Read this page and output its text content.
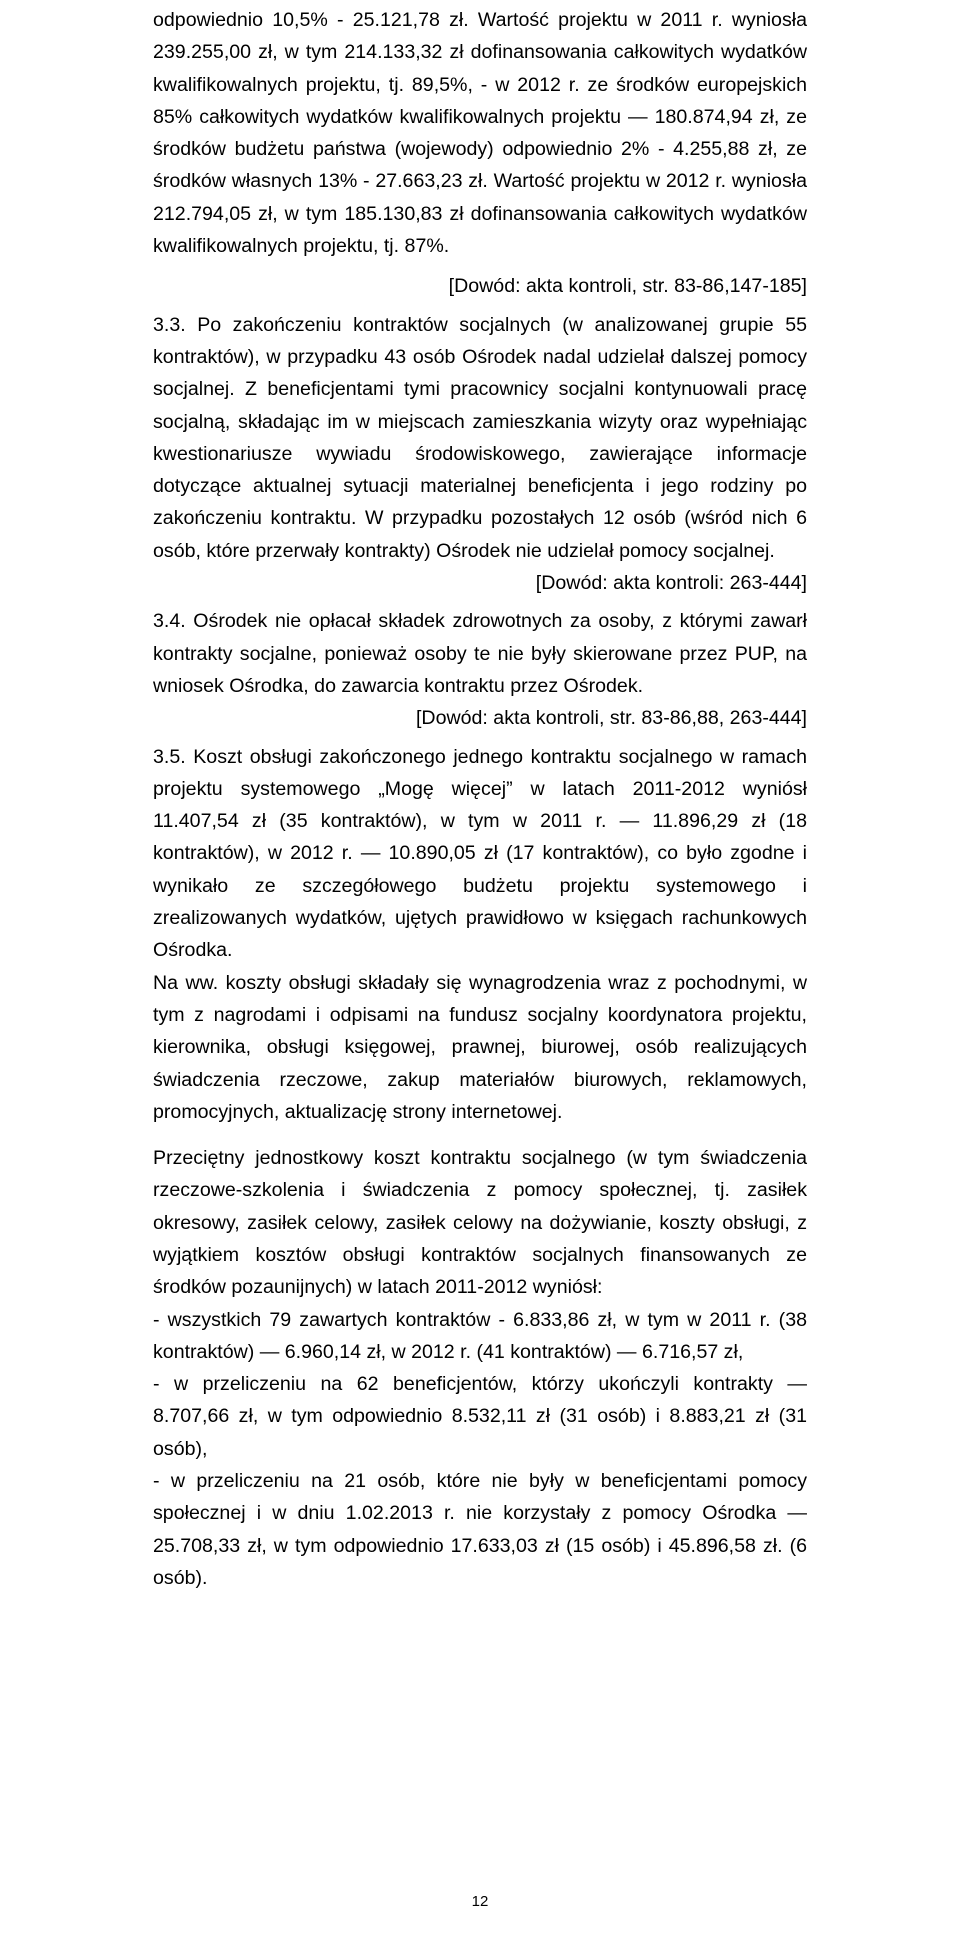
odpowiednio 10,5% - 25.121,78 zł. Wartość projektu w 2011 r. wyniosła 239.255,00 zł, w tym 214.133,32 zł dofinansowania całkowitych wydatków kwalifikowalnych projektu, tj. 89,5%, - w 2012 r. ze środków europejskich 85% całkowitych wydatków kwalifikowalnych projektu — 180.874,94 zł, ze środków budżetu państwa (wojewody) odpowiednio 2% - 4.255,88 zł, ze środków własnych 13% - 27.663,23 zł. Wartość projektu w 2012 r. wyniosła 212.794,05 zł, w tym 185.130,83 zł dofinansowania całkowitych wydatków kwalifikowalnych projektu, tj. 87%.

[Dowód: akta kontroli, str. 83-86,147-185]

3.3. Po zakończeniu kontraktów socjalnych (w analizowanej grupie 55 kontraktów), w przypadku 43 osób Ośrodek nadal udzielał dalszej pomocy socjalnej. Z beneficjentami tymi pracownicy socjalni kontynuowali pracę socjalną, składając im w miejscach zamieszkania wizyty oraz wypełniając kwestionariusze wywiadu środowiskowego, zawierające informacje dotyczące aktualnej sytuacji materialnej beneficjenta i jego rodziny po zakończeniu kontraktu. W przypadku pozostałych 12 osób (wśród nich 6 osób, które przerwały kontrakty) Ośrodek nie udzielał pomocy socjalnej.

[Dowód: akta kontroli: 263-444]

3.4. Ośrodek nie opłacał składek zdrowotnych za osoby, z którymi zawarł kontrakty socjalne, ponieważ osoby te nie były skierowane przez PUP, na wniosek Ośrodka, do zawarcia kontraktu przez Ośrodek.

[Dowód: akta kontroli, str. 83-86,88, 263-444]

3.5. Koszt obsługi zakończonego jednego kontraktu socjalnego w ramach projektu systemowego „Mogę więcej” w latach 2011-2012 wyniósł 11.407,54 zł (35 kontraktów), w tym w 2011 r. — 11.896,29 zł (18 kontraktów), w 2012 r. — 10.890,05 zł (17 kontraktów), co było zgodne i wynikało ze szczegółowego budżetu projektu systemowego i zrealizowanych wydatków, ujętych prawidłowo w księgach rachunkowych Ośrodka.

Na ww. koszty obsługi składały się wynagrodzenia wraz z pochodnymi, w tym z nagrodami i odpisami na fundusz socjalny koordynatora projektu, kierownika, obsługi księgowej, prawnej, biurowej, osób realizujących świadczenia rzeczowe, zakup materiałów biurowych, reklamowych, promocyjnych, aktualizację strony internetowej.

Przeciętny jednostkowy koszt kontraktu socjalnego (w tym świadczenia rzeczowe-szkolenia i świadczenia z pomocy społecznej, tj. zasiłek okresowy, zasiłek celowy, zasiłek celowy na dożywianie, koszty obsługi, z wyjątkiem kosztów obsługi kontraktów socjalnych finansowanych ze środków pozaunijnych) w latach 2011-2012 wyniósł:

- wszystkich 79 zawartych kontraktów - 6.833,86 zł, w tym w 2011 r. (38 kontraktów) — 6.960,14 zł, w 2012 r. (41 kontraktów) — 6.716,57 zł,

- w przeliczeniu na 62 beneficjentów, którzy ukończyli kontrakty — 8.707,66 zł, w tym odpowiednio 8.532,11 zł (31 osób) i 8.883,21 zł (31 osób),

- w przeliczeniu na 21 osób, które nie były w beneficjentami pomocy społecznej i w dniu 1.02.2013 r. nie korzystały z pomocy Ośrodka — 25.708,33 zł, w tym odpowiednio 17.633,03 zł (15 osób) i 45.896,58 zł. (6 osób).

12
